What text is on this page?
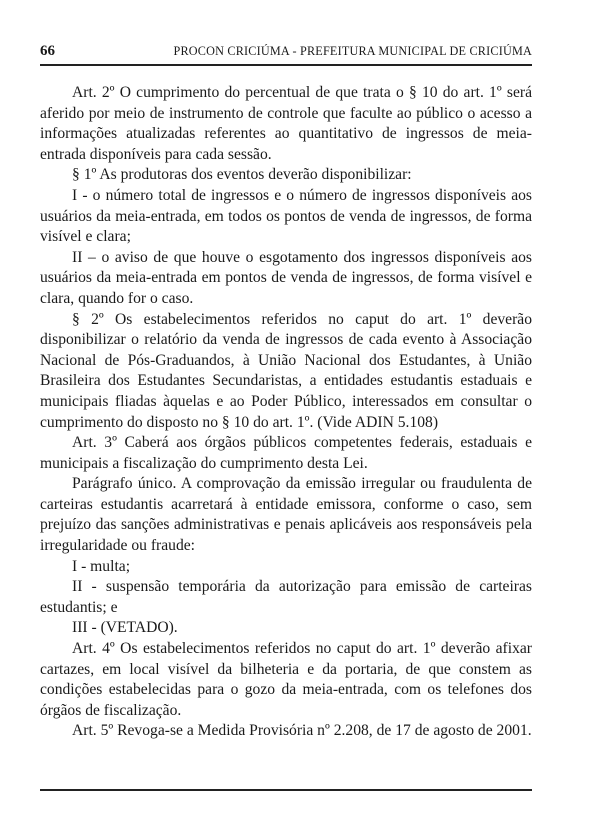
66	PROCON CRICIÚMA - PREFEITURA MUNICIPAL DE CRICIÚMA

Art. 2º O cumprimento do percentual de que trata o § 10 do art. 1º será aferido por meio de instrumento de controle que faculte ao público o acesso a informações atualizadas referentes ao quantitativo de ingressos de meia-entrada disponíveis para cada sessão.

§ 1º As produtoras dos eventos deverão disponibilizar:

I - o número total de ingressos e o número de ingressos disponíveis aos usuários da meia-entrada, em todos os pontos de venda de ingressos, de forma visível e clara;

II – o aviso de que houve o esgotamento dos ingressos disponíveis aos usuários da meia-entrada em pontos de venda de ingressos, de forma visível e clara, quando for o caso.

§ 2º Os estabelecimentos referidos no caput do art. 1º deverão disponibilizar o relatório da venda de ingressos de cada evento à Associação Nacional de Pós-Graduandos, à União Nacional dos Estudantes, à União Brasileira dos Estudantes Secundaristas, a entidades estudantis estaduais e municipais fliadas àquelas e ao Poder Público, interessados em consultar o cumprimento do disposto no § 10 do art. 1º. (Vide ADIN 5.108)

Art. 3º Caberá aos órgãos públicos competentes federais, estaduais e municipais a fiscalização do cumprimento desta Lei.

Parágrafo único. A comprovação da emissão irregular ou fraudulenta de carteiras estudantis acarretará à entidade emissora, conforme o caso, sem prejuízo das sanções administrativas e penais aplicáveis aos responsáveis pela irregularidade ou fraude:

I - multa;

II - suspensão temporária da autorização para emissão de carteiras estudantis; e

III - (VETADO).

Art. 4º Os estabelecimentos referidos no caput do art. 1º deverão afixar cartazes, em local visível da bilheteria e da portaria, de que constem as condições estabelecidas para o gozo da meia-entrada, com os telefones dos órgãos de fiscalização.

Art. 5º Revoga-se a Medida Provisória nº 2.208, de 17 de agosto de 2001.
